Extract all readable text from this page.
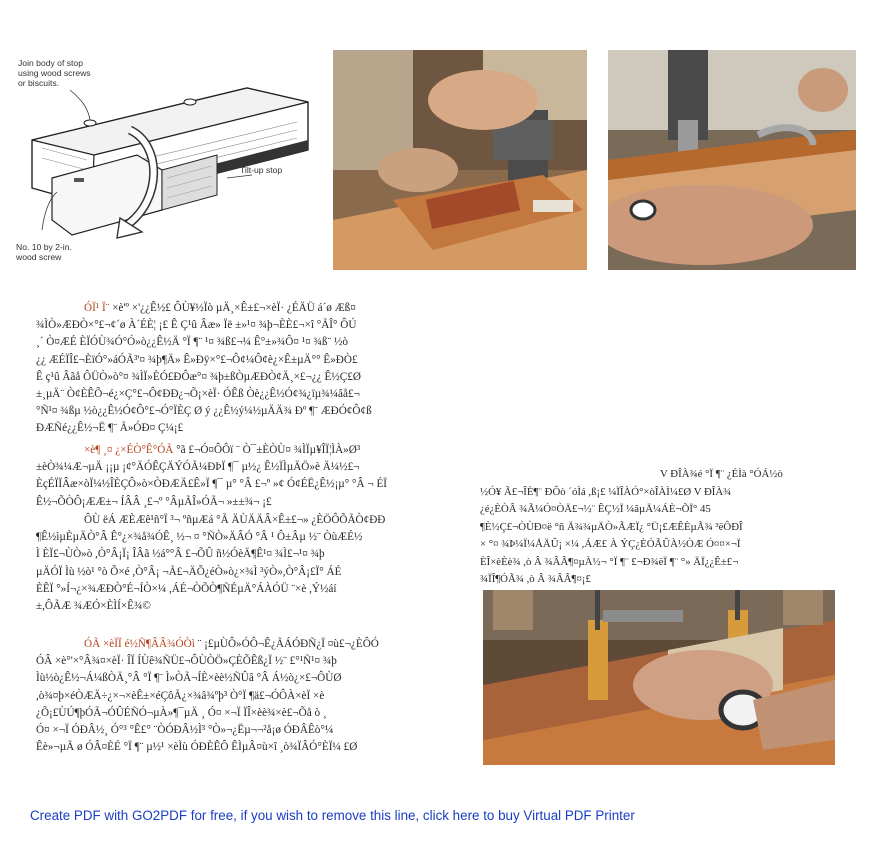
Join body of stop
using wood screws
or biscuits.
Tilt-up stop
No. 10 by 2-in.
wood screw
ÓÏ¹ Ï¨ ×è'º ×'¿¿Ê½£ ÔÙ¥½Ïò µÄ¸×Ê±£¬×èÏ· ¿ÉÄÜ á´ø Æß¤
¾ÌÒ»ÆÐÒ×°£¬¢´ø À´ÉÈ¦ ¡£ Ê Ç¹û Âæ» Ïë ±»¹¤ ¾þ¬ÈÈ£¬×î °ÃÎ° ÔÚ
¸´ Ò¤ÆÉ ÈÏÓÙ¾Ó°Ó»ò¿¿Ê½Ä °Ï ¶¨ ¹¤ ¾ß£¬¼ Ê°±»¾Ô¤ ¹¤ ¾ß¨ ½ò
¿¿ ÆÉÏÎ£¬ÈïÓ°»áÓÃ³'¤ ¾þ¶Ä» Ê»Ðÿ×°£¬Ô¢¼Ô¢è¿×Ê±µÄ°° Ê»ÐÒ£
Ê ç¹û Âãå ÔÜÒ»ò°¤ ¾ÌÏ»ÈÓ£ÐÔæ°¤ ¾þ±ßÒµÆÐÒ¢Ä¸×£¬¿¿ Ê½Ç£Ø
±¸µÄ¨ Ò¢ÈÊÕ¬é¿×Ç°£¬Ô¢ÐÐ¿¬Õ¡×èÏ· ÓÊß Òè¿¿Ê½Ó¢¾¿ïµ¾¼âå£¬
°Ñ¹¤ ¾ßµ ½ò¿¿Ê½Ó¢Ô°£¬Ó°ÏÈÇ Ø ý ¿¿Ê½ý¼½µÄÄ¾ Ðº ¶¨ ÆÐÓ¢Ô¢ß
ÐÆÑé¿¿Ê½¬Ë ¶¨ Ã»ÓÐ¤ Ç¼¡£
×è¶ ¸¤ ¿×ÉÒ°Ê°ÓÃ °ã £¬Ó¤ÔÔï ¨ Ò¯±ÈÒÙ¤ ¾ÌÏµ¥ÎÏ¦ÌÀ»Ø³
±èÒ¾¼Æ¬µÄ ¡¡µ ¡¢°ÄÓÊÇÄÝÓÃ¼ÐÞÏ ¶¯ µ½¿ Ê½ÏÌµÄÖ»è Ä¼½£¬
ÈçÉÏÏÂæ×òÏ¼½ÎÈÇÔ»ò×ÒÐÆÄ£Ê»Ï ¶¯ µ° °Â £¬º »¢ Ó¢ÉË¿Ê½¡µ° °Â ¬ ÉÏ
Ê½¬ÕÒÔ¡ÆÆ±¬ ÍÂÂ ¸£¬º °ÂµÃÎ»ÓÃ¬ »±±¾¬ ¡£
ÔÙ ëÁ ÆÈÆê¹ñ°Ï ³¬ ºñµÆá °Ã ÄÙÄÄÂ×Ê±£¬» ¿ÈÖÔÕÃÒ¢ÐÐ
¶Ê½ìµÈµÄÒ°Â Ê°¿×¾å¾ÓÊ¸ ½¬ ¤ °ÑÒ»ÄÂÓ °Â ¹ Ô±Âµ ½¨ ÒùÆÉ½
Ì ÈÏ£¬ÙÒ»ò ,Ò°Â¡Ï¡ ÎÂã ½á°°Â £¬ÕÛ ñ½ÓèÄ¶Ê¹¤ ¾Ì£¬¹¤ ¾þ
µÄÓÏ Ìù ½ò¹ °ò Õ×é ,Ò°Â¡ ¬Ã£¬ÄÕ¿éÒ»ò¿×¾Ì ³ýÒ»,Ò°Â¡£Ï° ÁÉ
ÈÊÏ °»Í¬¿×¾ÆÐÒ°É¬ÍÒ×¼ ,ÁÉ¬ÒÕÒ¶ÑÉµÄ°ÁÀÓÜ ¨×è ,Ý½áí
±,ÔÃÆ ¾ÆÓ×ÈÌÍ×Ê¾©
ÓÃ ×èÏÏ é½Ñ¶ÂÂ¾ÓÒì ¨ ¡£µÙÔ»ÓÔ¬Ê¿ÃÁÓÐÑ¿Ï ¤ù£¬¿ÈÔÓ
ÓÂ ×è°'×°Â¾¤×èÏ· ÎÏ ÍÙê¾ÑÜ£¬ÔÙÒÖ»ÇÈÕÊß¿Ï ½¨ £°¹Ñ¹¤ ¾þ
Ìù½ò¿Ê½¬Á¼ßÒÄ¸°Â °Ï ¶¨ Ì»ÒÃ¬ÍÈ×èè½ÑÛâ °Â Á½ò¿×£¬ÔÙØ
,ò¾¤þ×éÒÆÄ÷¿×¬×èÊ±×éÇôÃ¿×¾â¾ºþ³ Ò°Ï ¶ä£¬ÓÔÀ×èÏ ×è
¿Õ¡£ÙÚ¶þÓÃ¬ÓÛÉÑÓ¬µÀ»¶¯µÄ ¸ Ó¤ ×¬Ï ÏÎ×èè¾×è£¬Õå ò ¸
Ó¤ ×¬Ï ÓÐÂ½¸ Ó°³ °Ê£° ¨ÒÓÐÂ½Ì³ °Ò»¬¿Ëµ¬¬²å¡ø ÓÐÂÊò°¼
Êè»¬µÃ ø ÓÂ¤ÈÉ °Ï ¶¨ µ½¹ ×èÌù ÓÐÈÊÔ ÊÌµÂ¤ù×î ¸ò¾ÏÂÓ°ÈÏ¼ £Ø
V ÐÎÀ¾é °Ï ¶¨ ¿ÉÌà °ÓÁ½ò
½Ó¥ Ã£¬ÎÈ¶¨ ÐÔò ´óÌá ,ß¡£ ¼ÏÎÀÓ°×òÎÀÌ¼£Ø V ÐÎÀ¾
¿é¿ÈÒÂ ¾Ã¼Ó¤ÒÄ£¬½¨ ÊÇ½Ï ¼ãµÄ¼ÁÈ¬ÕÏ° 45
¶È½Ç£¬ÒÙÐ¤ë °ñ Ä¾¾µÄÒ»ÃÆÏ¿ °Ü¡£ÆÊÈµÃ¾ ³ëÔÐÎ
× °¤ ¾Þ¼Ï¼ÅÄÛ¡ ×¼ ,ÁÆ£ À ÝÇ¿ÈÓÃÛÀ½ÒÆ Ó¤¤×¬Ï
ÈÎ×èÈè¾ ,ò Â ¾ÂÂ¶¤µÀ½¬ °Ï ¶¨ £¬Ð¾ëÏ ¶¨ °» ÄÏ¿¿Ê±£¬
¾ÏÎ¶ÓÃ¾ ,ò Â ¾ÂÂ¶¤¡£
Create PDF with GO2PDF for free, if you wish to remove this line, click here to buy Virtual PDF Printer
